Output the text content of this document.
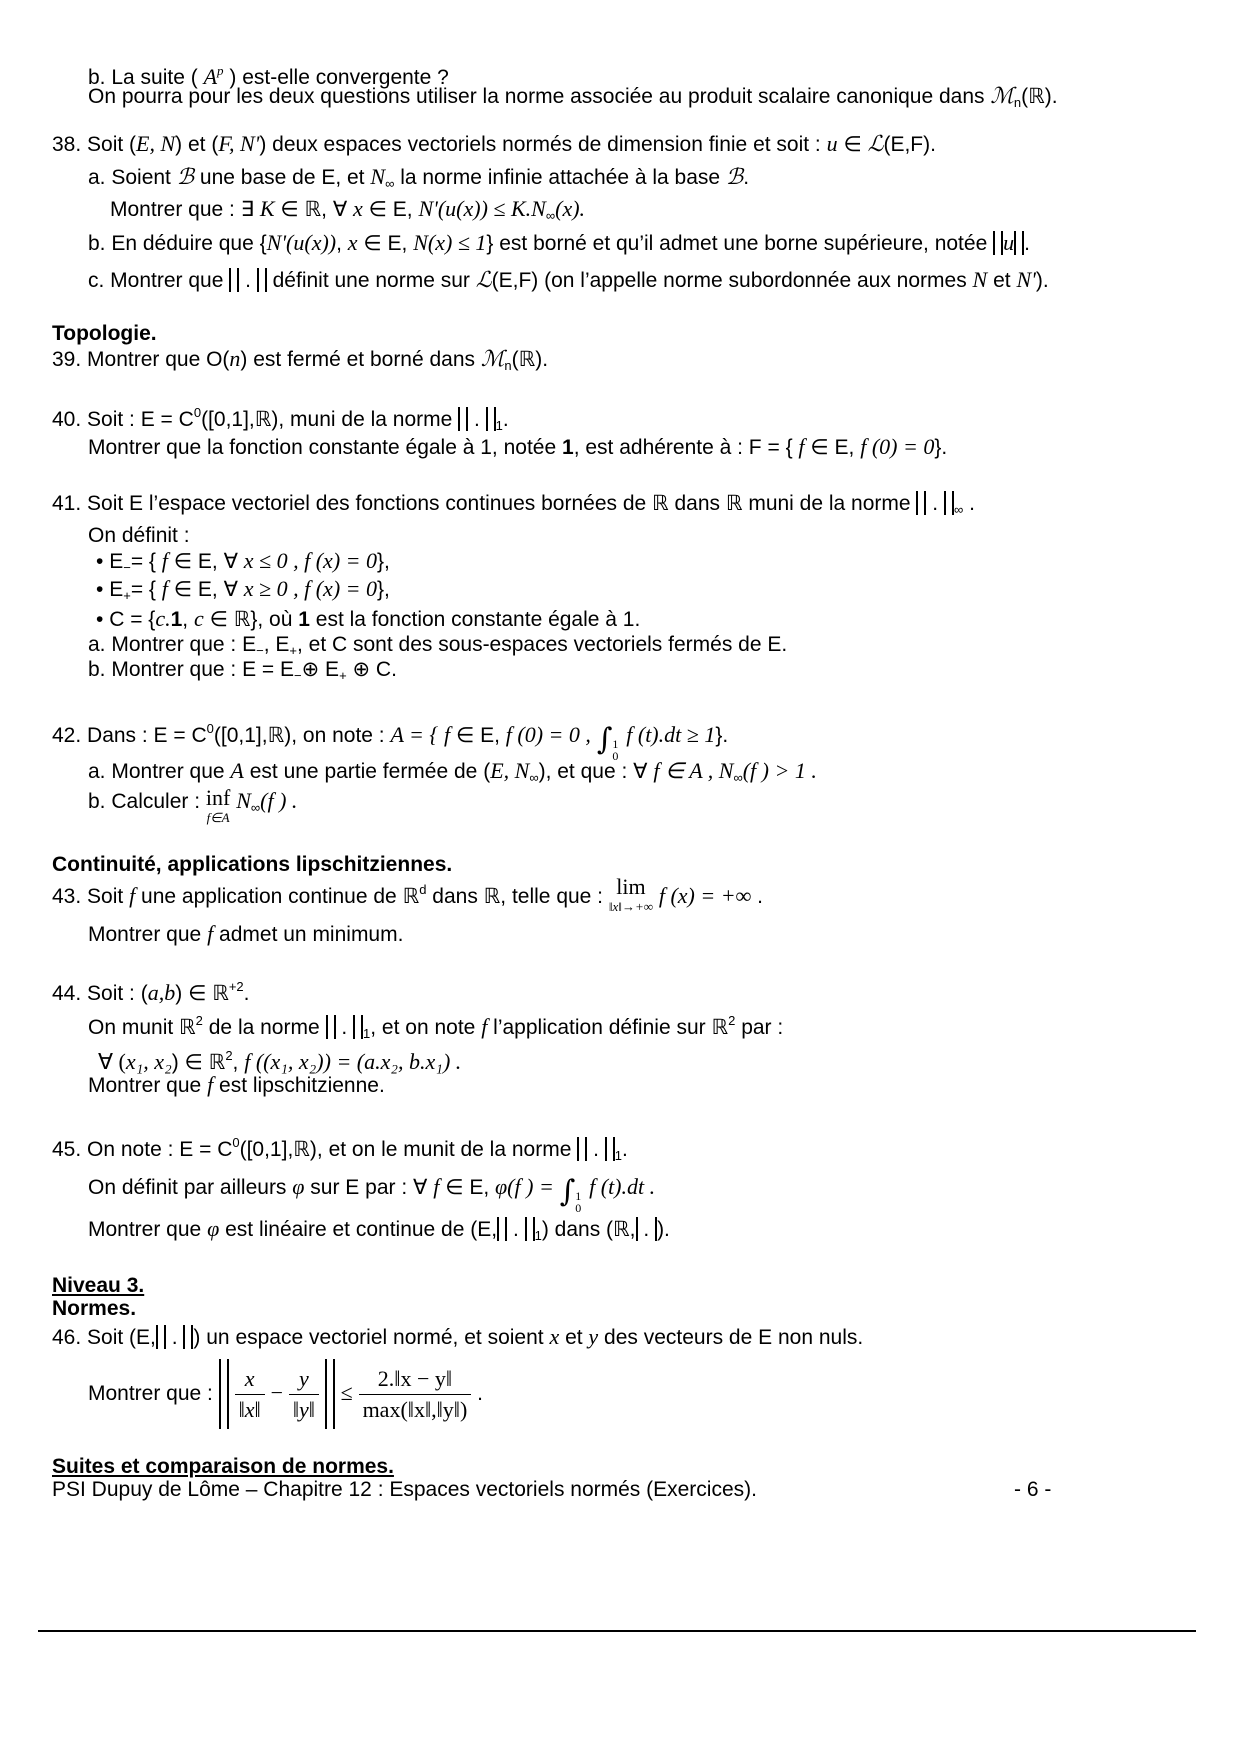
b. La suite ( $A^p$ ) est-elle convergente ?
On pourra pour les deux questions utiliser la norme associée au produit scalaire canonique dans ℳ$_n$(ℝ).
38. Soit (E, N) et (F, N') deux espaces vectoriels normés de dimension finie et soit : u ∈ ℒ(E,F).
a. Soient ℬ une base de E, et $N_\infty$ la norme infinie attachée à la base ℬ.
Montrer que : ∃ K ∈ ℝ, ∀ x ∈ E, $N'(u(x)) \le K.N_\infty(x)$.
b. En déduire que {N'(u(x)), x ∈ E, N(x) ≤ 1} est borné et qu’il admet une borne supérieure, notée u .
c. Montrer que . définit une norme sur ℒ(E,F) (on l’appelle norme subordonnée aux normes N et N').
Topologie.
39. Montrer que O(n) est fermé et borné dans ℳ$_n$(ℝ).
40. Soit : $E = C^0([0,1],ℝ)$, muni de la norme . $_1$.
Montrer que la fonction constante égale à 1, notée 1, est adhérente à : F = { f ∈ E, f (0) = 0}.
41. Soit E l’espace vectoriel des fonctions continues bornées de ℝ dans ℝ muni de la norme . $_\infty$ .
On définit :
• $E_-=$ { f ∈ E, ∀ x ≤ 0 , f (x) = 0},
• $E_+=$ { f ∈ E, ∀ x ≥ 0 , f (x) = 0},
• C = {c.1, c ∈ ℝ}, où 1 est la fonction constante égale à 1.
a. Montrer que : $E_-$, $E_+$, et C sont des sous-espaces vectoriels fermés de E.
b. Montrer que : $E = E_-\oplus$ $E_+$ ⊕ C.
42. Dans : $E = C^0([0,1],ℝ)$, on note : A = { f ∈ E, f (0) = 0 , ∫ 1
0
f (t).dt ≥ 1}.
a. Montrer que A est une partie fermée de (E, $N_\infty$), et que : ∀ f ∈ A , $N_\infty(f$ ) > 1 .
b. Calculer : inf
f∈A
$N_\infty(f$ ) .
Continuité, applications lipschitziennes.
43. Soit f une application continue de ℝ$^d$ dans ℝ, telle que : lim
‖x‖→+∞ f (x) = +∞ .
Montrer que f admet un minimum.
44. Soit : (a,b) ∈ ℝ$^{+2}$.
On munit ℝ$^2$ de la norme . $_1$, et on note f l’application définie sur ℝ$^2$ par :
∀ (x₁, x₂) ∈ ℝ$^2$, f ((x₁, x₂)) = (a.x₂, b.x₁) .
Montrer que f est lipschitzienne.
45. On note : $E = C^0([0,1],ℝ)$, et on le munit de la norme . $_1$.
On définit par ailleurs φ sur E par : ∀ f ∈ E, φ(f ) = ∫ 1
0
f (t).dt .
Montrer que φ est linéaire et continue de (E, . $_1$) dans (ℝ, . ).
Niveau 3.
Normes.
46. Soit (E, . ) un espace vectoriel normé, et soient x et y des vecteurs de E non nuls.
Montrer que : $\frac{x}{‖x‖} - \frac{y}{‖y‖} \le \frac{2.‖x - y‖}{\max(‖x‖,‖y‖)}$ .
Suites et comparaison de normes.
PSI Dupuy de Lôme – Chapitre 12 : Espaces vectoriels normés (Exercices).	- 6 -
